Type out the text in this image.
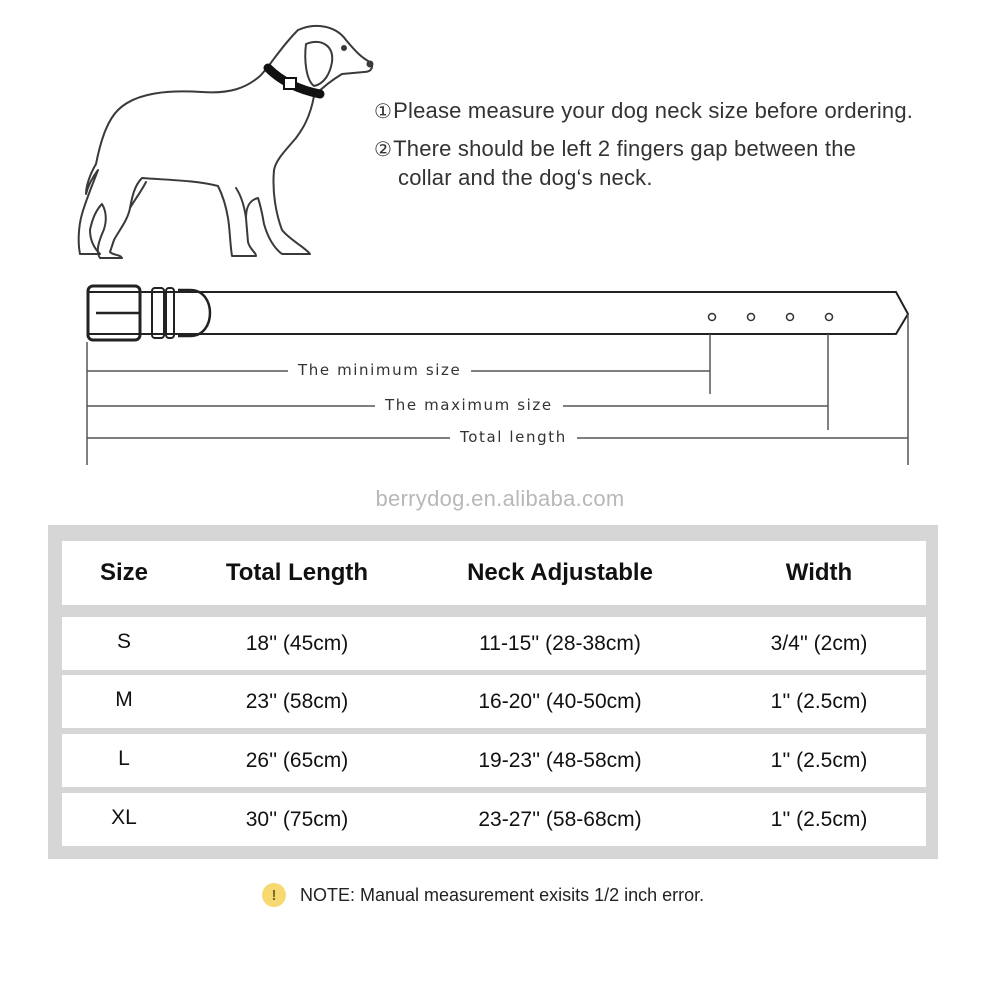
①Please measure your dog neck size before ordering.
②There should be left 2 fingers gap between the
collar and the dog‘s neck.
The minimum size
The maximum size
Total length
berrydog.en.alibaba.com
Size	Total Length	Neck Adjustable	Width
S	18'' (45cm)	11-15'' (28-38cm)	3/4'' (2cm)
M	23'' (58cm)	16-20'' (40-50cm)	1'' (2.5cm)
L	26'' (65cm)	19-23'' (48-58cm)	1'' (2.5cm)
XL	30'' (75cm)	23-27'' (58-68cm)	1'' (2.5cm)
!	NOTE: Manual measurement exisits 1/2 inch error.
